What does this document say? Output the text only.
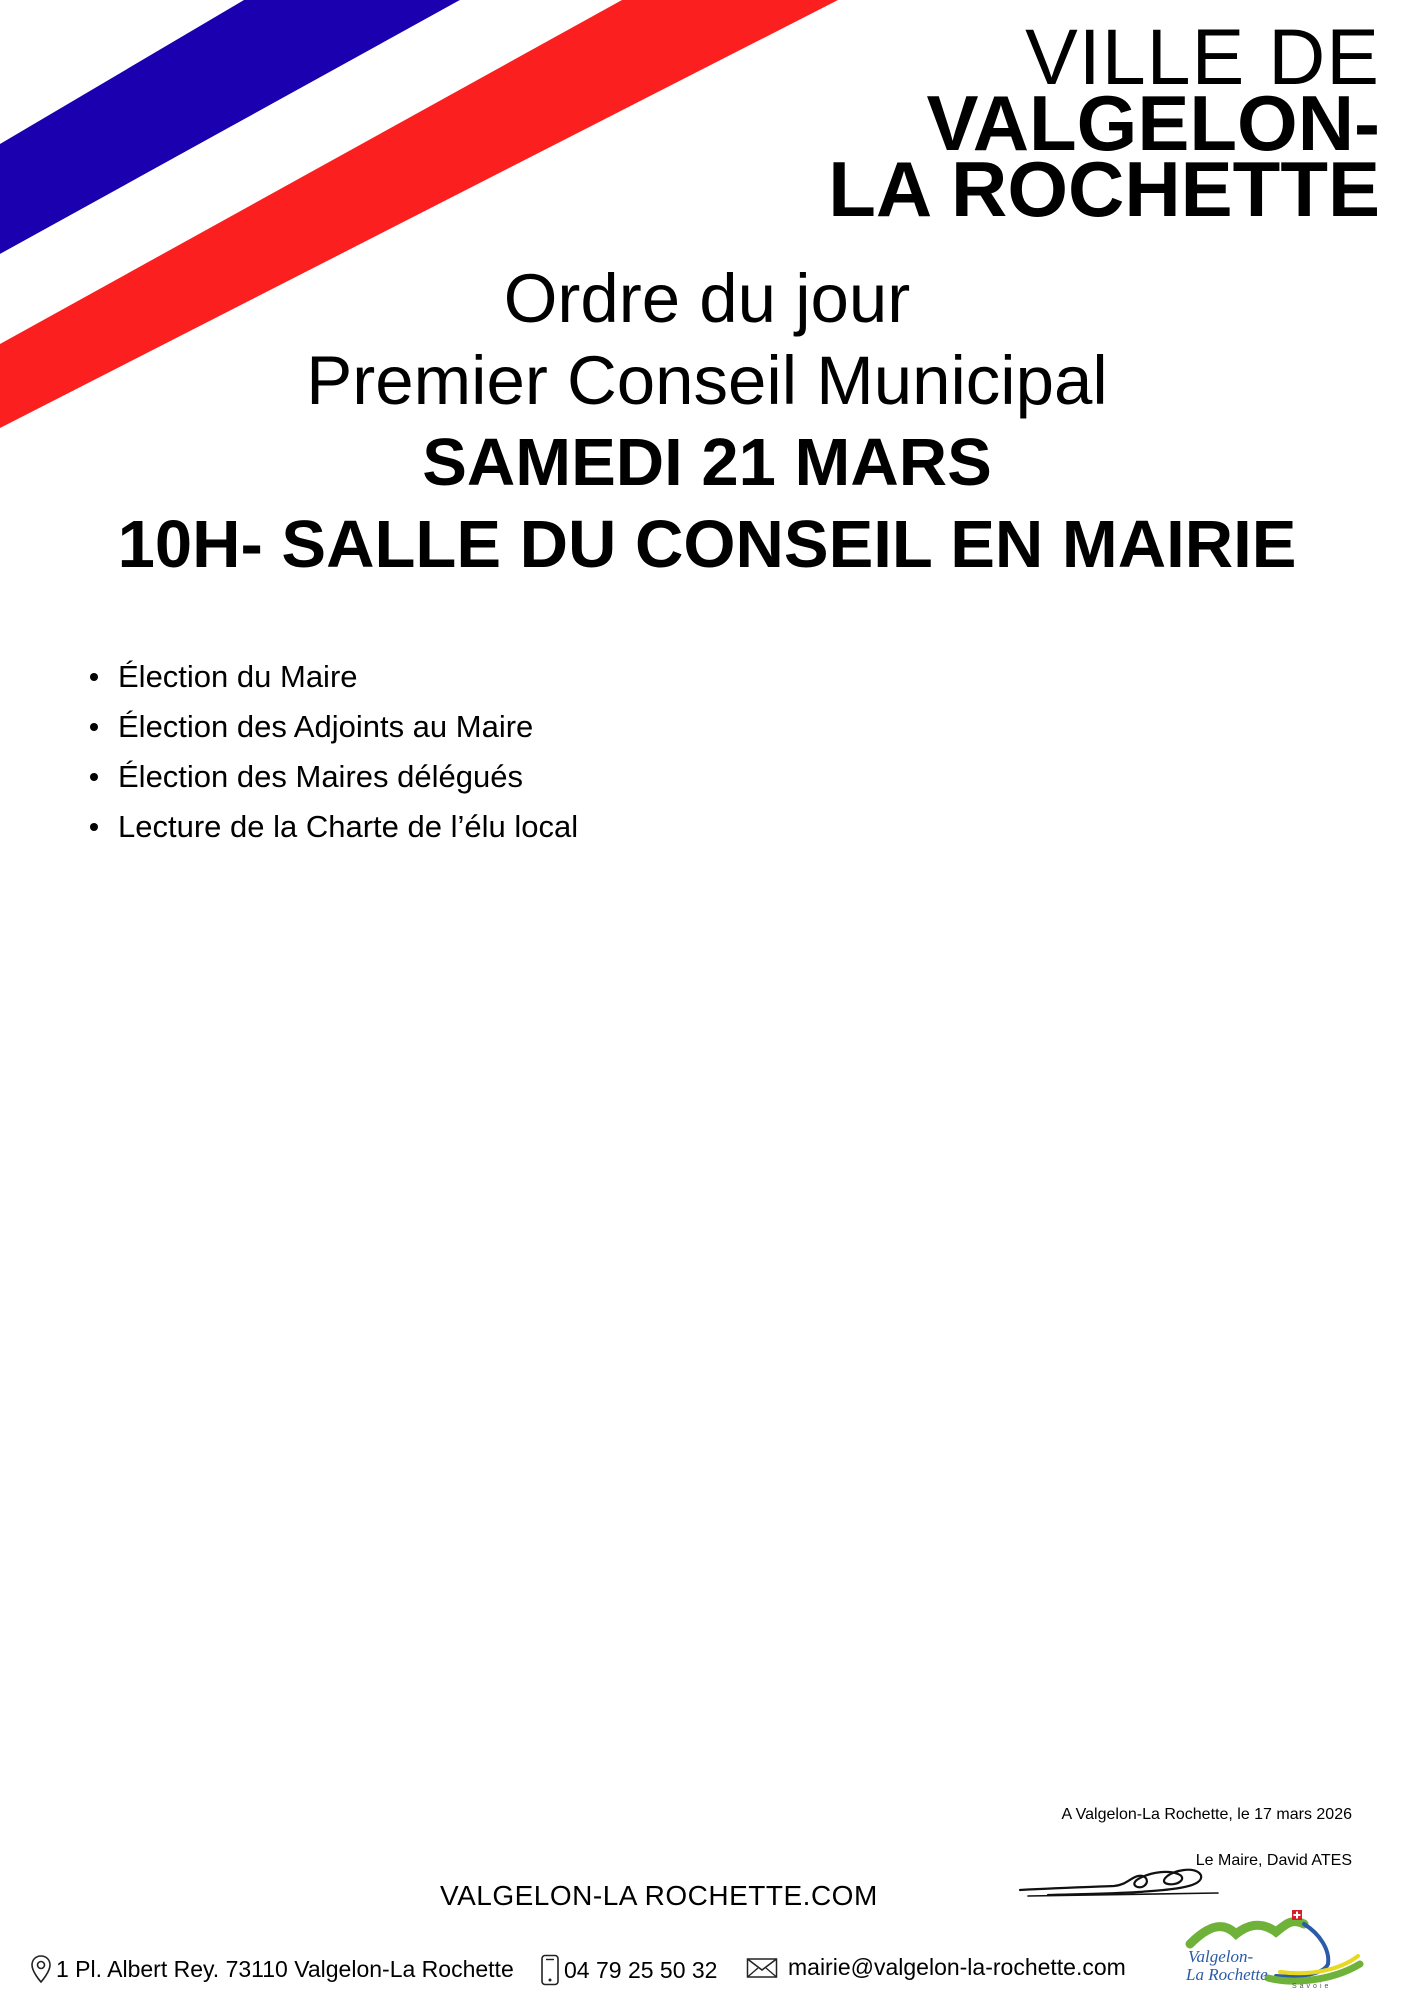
VILLE DE
VALGELON-
LA ROCHETTE
Ordre du jour
Premier Conseil Municipal
SAMEDI 21 MARS
10H- SALLE DU CONSEIL EN MAIRIE
Élection du Maire
Élection des Adjoints au Maire
Élection des Maires délégués
Lecture de la Charte de l’élu local
A Valgelon-La Rochette, le 17 mars 2026
Le Maire, David ATES
VALGELON-LA ROCHETTE.COM
1 Pl. Albert Rey. 73110 Valgelon-La Rochette 04 79 25 50 32	mairie@valgelon-la-rochette.com	Valgelon-
La Rochette
Savoie
